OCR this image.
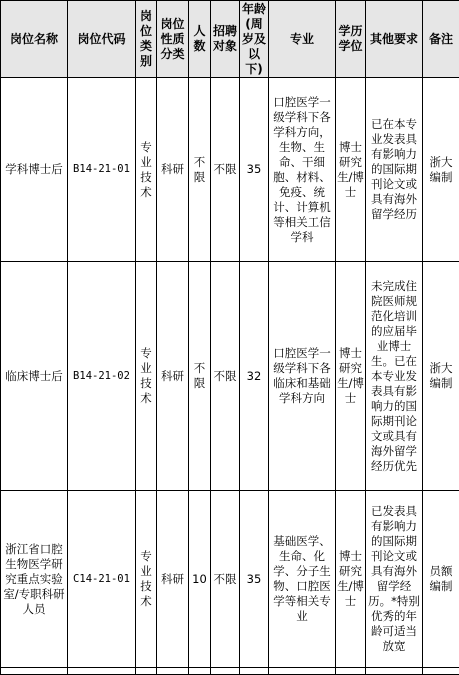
岗位名称	岗位代码	岗位类别	岗位性质分类	人数	招聘对象	年龄(周岁及以下)	专业	学历学位	其他要求	备注
学科博士后	B14-21-01	专业技术	科研	不限	不限	35	口腔医学一级学科下各学科方向，生物、生命、干细胞、材料、免疫、统计、计算机等相关工信学科	博士研究生/博士	已在本专业发表具有影响力的国际期刊论文或具有海外留学经历	浙大编制
临床博士后	B14-21-02	专业技术	科研	不限	不限	32	口腔医学一级学科下各临床和基础学科方向	博士研究生/博士	未完成住院医师规范化培训的应届毕业博士生。已在本专业发表具有影响力的国际期刊论文或具有海外留学经历优先	浙大编制
浙江省口腔生物医学研究重点实验室/专职科研人员	C14-21-01	专业技术	科研	10	不限	35	基础医学、生命、化学、分子生物、口腔医学等相关专业	博士研究生/博士	已发表具有影响力的国际期刊论文或具有海外留学经历。*特别优秀的年龄可适当放宽	员额编制
